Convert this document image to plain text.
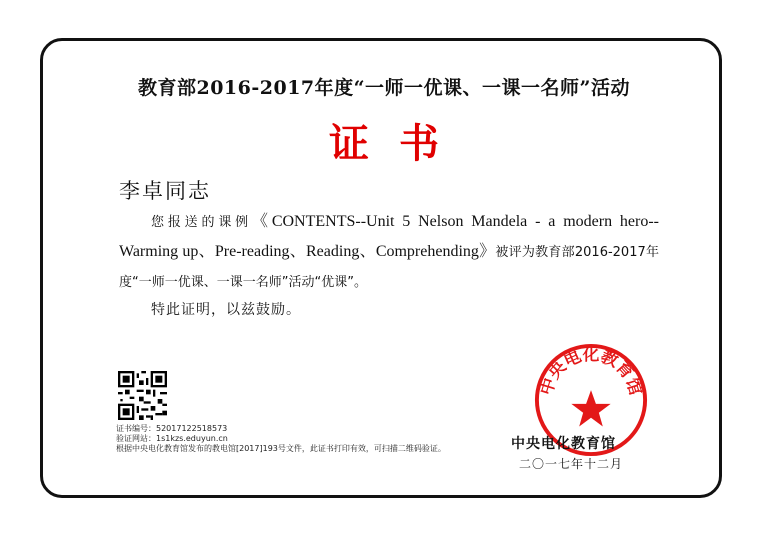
教育部2016-2017年度“一师一优课、一课一名师”活动
证书
李卓同志

您报送的课例《CONTENTS--Unit 5 Nelson Mandela - a modern hero--Warming up、Pre-reading、Reading、Comprehending》被评为教育部2016-2017年度“一师一优课、一课一名师”活动“优课”。

特此证明，以兹鼓励。
证书编号：52017122518573
验证网站：1s1kzs.eduyun.cn
根据中央电化教育馆发布的教电馆[2017]193号文件，此证书打印有效，可扫描二维码验证。
中央电化教育馆
中央电化教育馆
二〇一七年十二月
